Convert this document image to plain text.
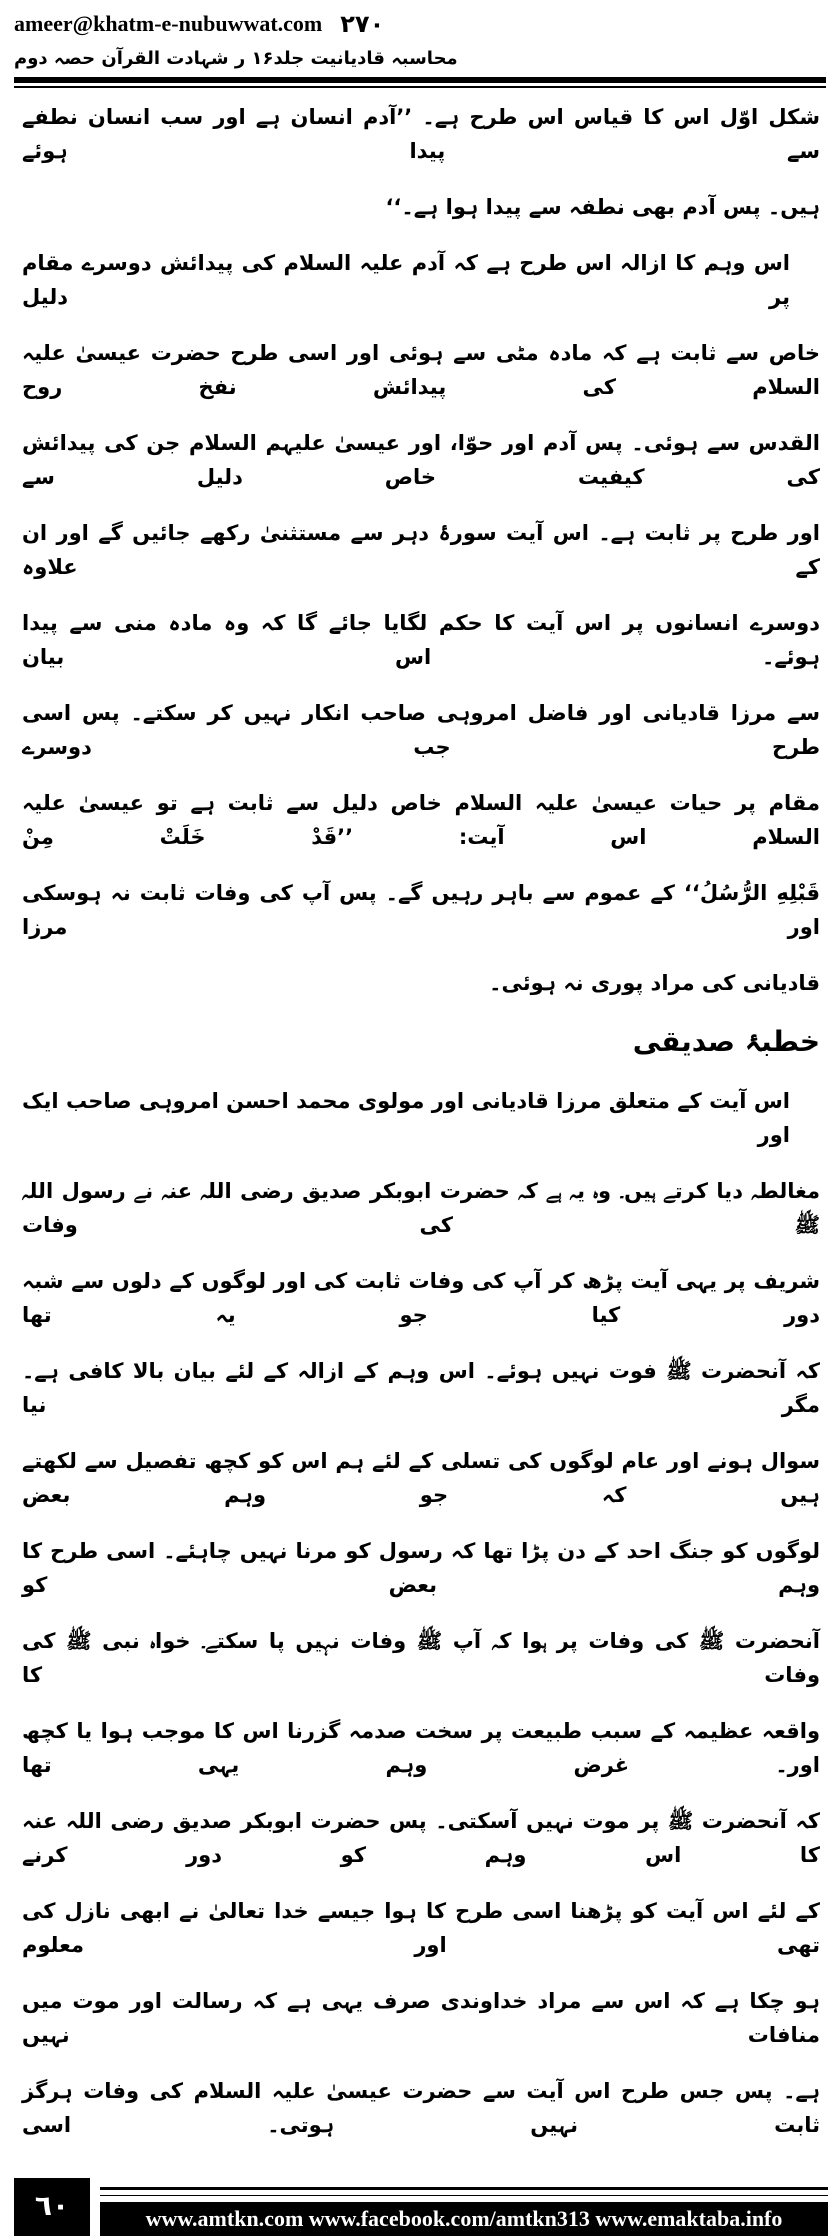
ameer@khatm-e-nubuwwat.com ۲۷۰
محاسبہ قادیانیت جلد۱۶ ر شہادت القرآن حصہ دوم
شکل اوّل اس کا قیاس اس طرح ہے۔ ’’آدم انسان ہے اور سب انسان نطفے سے پیدا ہوئے
ہیں۔ پس آدم بھی نطفہ سے پیدا ہوا ہے۔‘‘
اس وہم کا ازالہ اس طرح ہے کہ آدم علیہ السلام کی پیدائش دوسرے مقام پر دلیل
خاص سے ثابت ہے کہ مادہ مٹی سے ہوئی اور اسی طرح حضرت عیسیٰ علیہ السلام کی پیدائش نفخ روح
القدس سے ہوئی۔ پس آدم اور حوّا، اور عیسیٰ علیہم السلام جن کی پیدائش کی کیفیت خاص دلیل سے
اور طرح پر ثابت ہے۔ اس آیت سورۂ دہر سے مستثنیٰ رکھے جائیں گے اور ان کے علاوہ
دوسرے انسانوں پر اس آیت کا حکم لگایا جائے گا کہ وہ مادہ منی سے پیدا ہوئے۔ اس بیان
سے مرزا قادیانی اور فاضل امروہی صاحب انکار نہیں کر سکتے۔ پس اسی طرح جب دوسرے
مقام پر حیات عیسیٰ علیہ السلام خاص دلیل سے ثابت ہے تو عیسیٰ علیہ السلام اس آیت: ’’قَدْ خَلَتْ مِنْ
قَبْلِهِ الرُّسُلُ‘‘ کے عموم سے باہر رہیں گے۔ پس آپ کی وفات ثابت نہ ہوسکی اور مرزا
قادیانی کی مراد پوری نہ ہوئی۔
خطبۂ صدیقی
اس آیت کے متعلق مرزا قادیانی اور مولوی محمد احسن امروہی صاحب ایک اور
مغالطہ دیا کرتے ہیں۔ وہ یہ ہے کہ حضرت ابوبکر صدیق رضی اللہ عنہ نے رسول اللہ ﷺ کی وفات
شریف پر یہی آیت پڑھ کر آپ کی وفات ثابت کی اور لوگوں کے دلوں سے شبہ دور کیا جو یہ تھا
کہ آنحضرت ﷺ فوت نہیں ہوئے۔ اس وہم کے ازالہ کے لئے بیان بالا کافی ہے۔ مگر نیا
سوال ہونے اور عام لوگوں کی تسلی کے لئے ہم اس کو کچھ تفصیل سے لکھتے ہیں کہ جو وہم بعض
لوگوں کو جنگ احد کے دن پڑا تھا کہ رسول کو مرنا نہیں چاہئے۔ اسی طرح کا وہم بعض کو
آنحضرت ﷺ کی وفات پر ہوا کہ آپ ﷺ وفات نہیں پا سکتے۔ خواہ نبی ﷺ کی وفات کا
واقعہ عظیمہ کے سبب طبیعت پر سخت صدمہ گزرنا اس کا موجب ہوا یا کچھ اور۔ غرض وہم یہی تھا
کہ آنحضرت ﷺ پر موت نہیں آسکتی۔ پس حضرت ابوبکر صدیق رضی اللہ عنہ کا اس وہم کو دور کرنے
کے لئے اس آیت کو پڑھنا اسی طرح کا ہوا جیسے خدا تعالیٰ نے ابھی نازل کی تھی اور معلوم
ہو چکا ہے کہ اس سے مراد خداوندی صرف یہی ہے کہ رسالت اور موت میں منافات نہیں
ہے۔ پس جس طرح اس آیت سے حضرت عیسیٰ علیہ السلام کی وفات ہرگز ثابت نہیں ہوتی۔ اسی
٦٠	www.amtkn.com www.facebook.com/amtkn313 www.emaktaba.info
